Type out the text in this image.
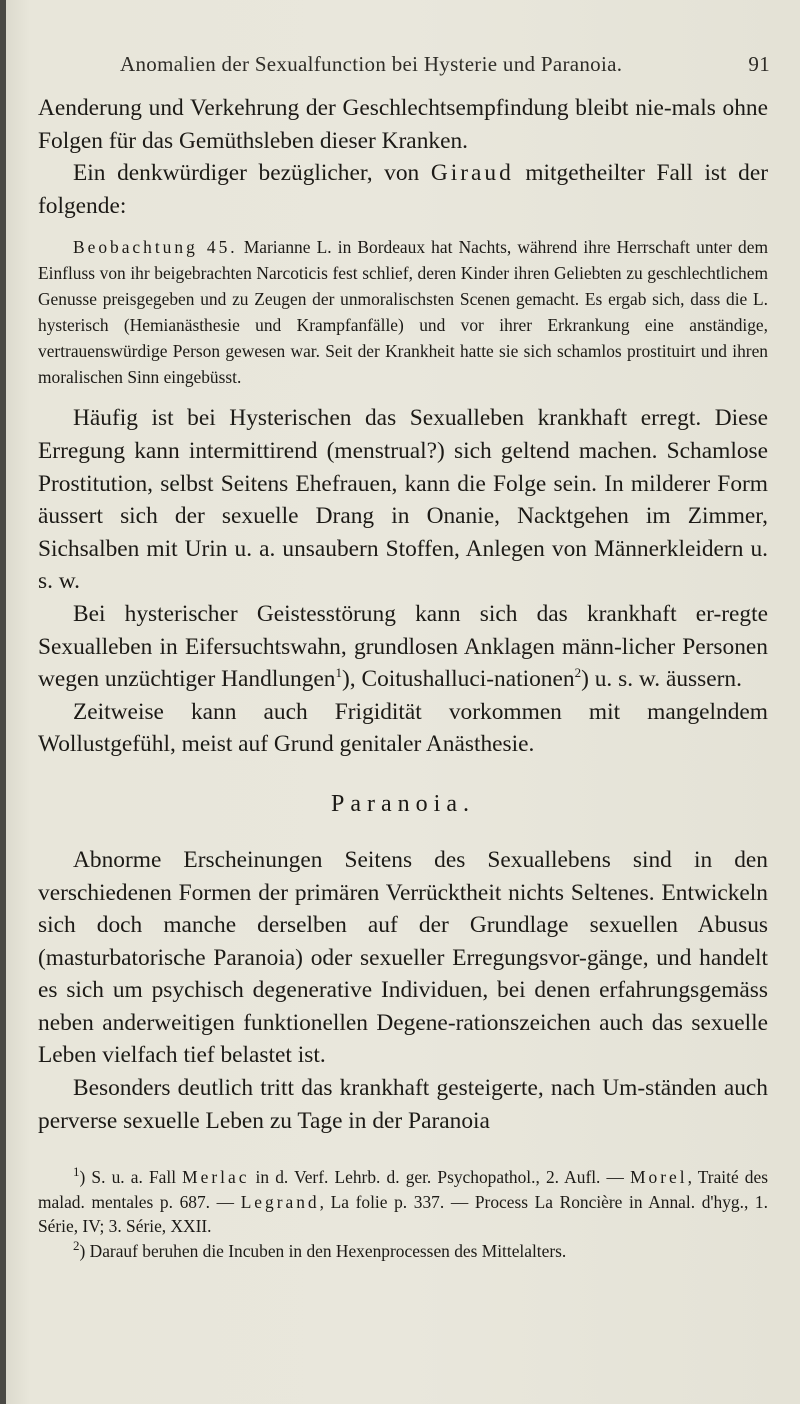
Anomalien der Sexualfunction bei Hysterie und Paranoia.	91

Aenderung und Verkehrung der Geschlechtsempfindung bleibt nie-mals ohne Folgen für das Gemüthsleben dieser Kranken.

Ein denkwürdiger bezüglicher, von Giraud mitgetheilter Fall ist der folgende:

Beobachtung 45. Marianne L. in Bordeaux hat Nachts, während ihre Herrschaft unter dem Einfluss von ihr beigebrachten Narcoticis fest schlief, deren Kinder ihren Geliebten zu geschlechtlichem Genusse preisgegeben und zu Zeugen der unmoralischsten Scenen gemacht. Es ergab sich, dass die L. hysterisch (Hemianästhesie und Krampfanfälle) und vor ihrer Erkrankung eine anständige, vertrauenswürdige Person gewesen war. Seit der Krankheit hatte sie sich schamlos prostituirt und ihren moralischen Sinn eingebüsst.

Häufig ist bei Hysterischen das Sexualleben krankhaft erregt. Diese Erregung kann intermittirend (menstrual?) sich geltend machen. Schamlose Prostitution, selbst Seitens Ehefrauen, kann die Folge sein. In milderer Form äussert sich der sexuelle Drang in Onanie, Nacktgehen im Zimmer, Sichsalben mit Urin u. a. unsaubern Stoffen, Anlegen von Männerkleidern u. s. w.

Bei hysterischer Geistesstörung kann sich das krankhaft er-regte Sexualleben in Eifersuchtswahn, grundlosen Anklagen männ-licher Personen wegen unzüchtiger Handlungen$^1$), Coitushalluci-nationen$^2$) u. s. w. äussern.

Zeitweise kann auch Frigidität vorkommen mit mangelndem Wollustgefühl, meist auf Grund genitaler Anästhesie.

Paranoia.

Abnorme Erscheinungen Seitens des Sexuallebens sind in den verschiedenen Formen der primären Verrücktheit nichts Seltenes. Entwickeln sich doch manche derselben auf der Grundlage sexuellen Abusus (masturbatorische Paranoia) oder sexueller Erregungsvor-gänge, und handelt es sich um psychisch degenerative Individuen, bei denen erfahrungsgemäss neben anderweitigen funktionellen Degene-rationszeichen auch das sexuelle Leben vielfach tief belastet ist.

Besonders deutlich tritt das krankhaft gesteigerte, nach Um-ständen auch perverse sexuelle Leben zu Tage in der Paranoia

$^1$) S. u. a. Fall Merlac in d. Verf. Lehrb. d. ger. Psychopathol., 2. Aufl. — Morel, Traité des malad. mentales p. 687. — Legrand, La folie p. 337. — Process La Roncière in Annal. d'hyg., 1. Série, IV; 3. Série, XXII.

$^2$) Darauf beruhen die Incuben in den Hexenprocessen des Mittelalters.
